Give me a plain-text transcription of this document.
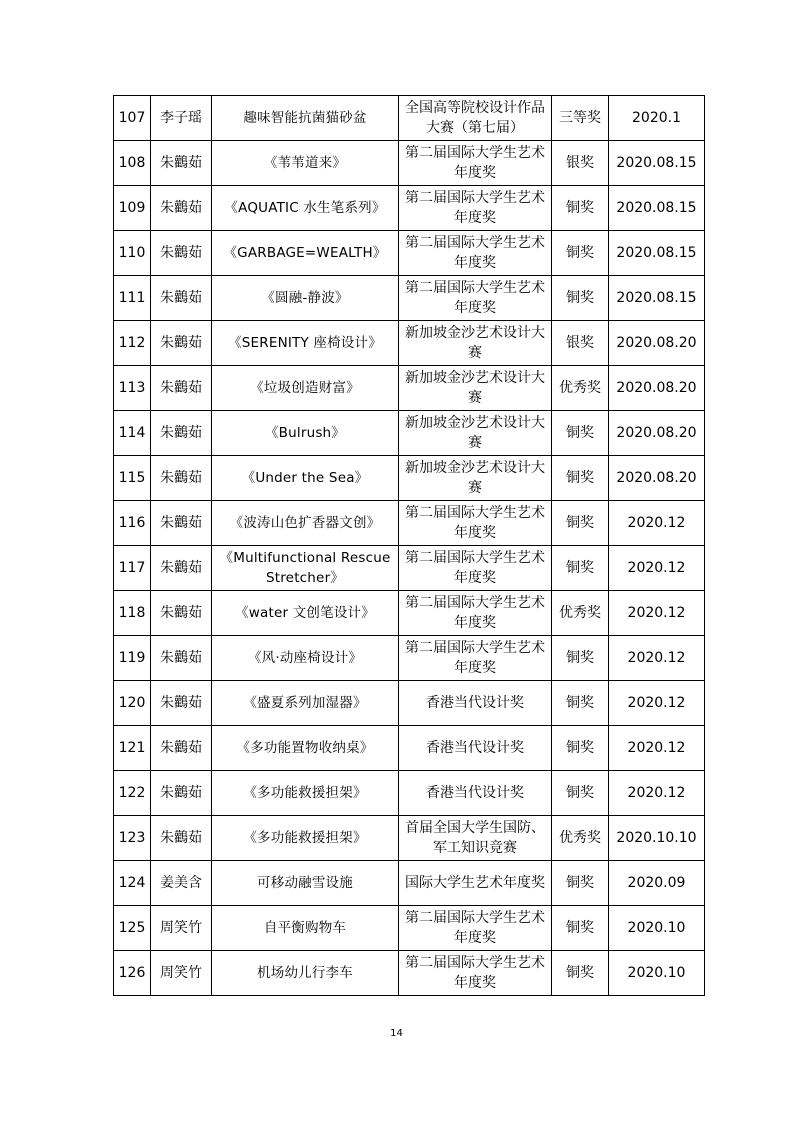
107	李子瑶	趣味智能抗菌猫砂盆	全国高等院校设计作品大赛（第七届）	三等奖	2020.1
108	朱鸛茹	《苇苇道来》	第二届国际大学生艺术年度奖	银奖	2020.08.15
109	朱鸛茹	《AQUATIC 水生笔系列》	第二届国际大学生艺术年度奖	铜奖	2020.08.15
110	朱鸛茹	《GARBAGE=WEALTH》	第二届国际大学生艺术年度奖	铜奖	2020.08.15
111	朱鸛茹	《圆融-静波》	第二届国际大学生艺术年度奖	铜奖	2020.08.15
112	朱鸛茹	《SERENITY 座椅设计》	新加坡金沙艺术设计大赛	银奖	2020.08.20
113	朱鸛茹	《垃圾创造财富》	新加坡金沙艺术设计大赛	优秀奖	2020.08.20
114	朱鸛茹	《Bulrush》	新加坡金沙艺术设计大赛	铜奖	2020.08.20
115	朱鸛茹	《Under the Sea》	新加坡金沙艺术设计大赛	铜奖	2020.08.20
116	朱鸛茹	《波涛山色扩香器文创》	第二届国际大学生艺术年度奖	铜奖	2020.12
117	朱鸛茹	《Multifunctional Rescue Stretcher》	第二届国际大学生艺术年度奖	铜奖	2020.12
118	朱鸛茹	《water 文创笔设计》	第二届国际大学生艺术年度奖	优秀奖	2020.12
119	朱鸛茹	《风·动座椅设计》	第二届国际大学生艺术年度奖	铜奖	2020.12
120	朱鸛茹	《盛夏系列加湿器》	香港当代设计奖	铜奖	2020.12
121	朱鸛茹	《多功能置物收纳桌》	香港当代设计奖	铜奖	2020.12
122	朱鸛茹	《多功能救援担架》	香港当代设计奖	铜奖	2020.12
123	朱鸛茹	《多功能救援担架》	首届全国大学生国防、军工知识竞赛	优秀奖	2020.10.10
124	姜美含	可移动融雪设施	国际大学生艺术年度奖	铜奖	2020.09
125	周笑竹	自平衡购物车	第二届国际大学生艺术年度奖	铜奖	2020.10
126	周笑竹	机场幼儿行李车	第二届国际大学生艺术年度奖	铜奖	2020.10
14
